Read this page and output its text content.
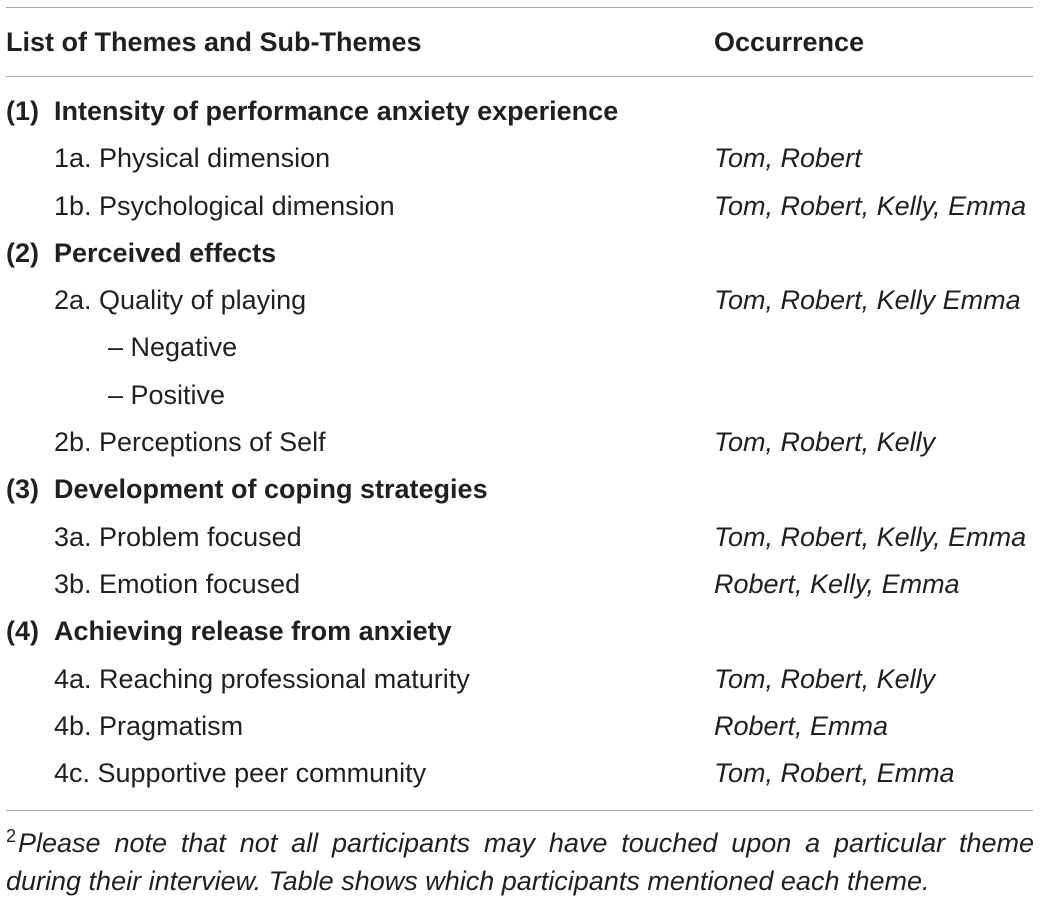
List of Themes and Sub-Themes	Occurrence
(1) Intensity of performance anxiety experience
1a. Physical dimension	Tom, Robert
1b. Psychological dimension	Tom, Robert, Kelly, Emma
(2) Perceived effects
2a. Quality of playing	Tom, Robert, Kelly Emma
– Negative
– Positive
2b. Perceptions of Self	Tom, Robert, Kelly
(3) Development of coping strategies
3a. Problem focused	Tom, Robert, Kelly, Emma
3b. Emotion focused	Robert, Kelly, Emma
(4) Achieving release from anxiety
4a. Reaching professional maturity	Tom, Robert, Kelly
4b. Pragmatism	Robert, Emma
4c. Supportive peer community	Tom, Robert, Emma
$^2$Please note that not all participants may have touched upon a particular theme during their interview. Table shows which participants mentioned each theme.
